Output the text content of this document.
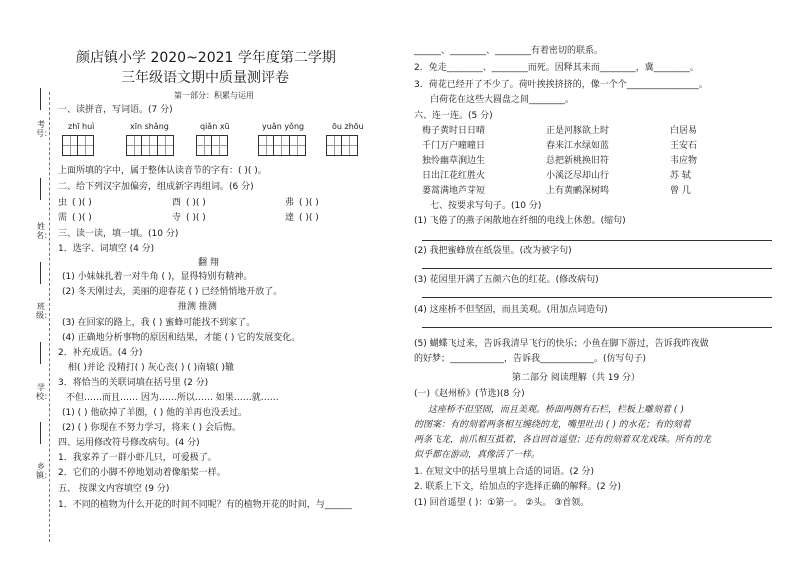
考号：
姓名：
班级：
学校：
乡镇：
颜店镇小学 2020~2021 学年度第二学期
三年级语文期中质量测评卷
第一部分：积累与运用
一、读拼音，写词语。(7 分)
zhī huì	xīn shǎng	qiǎn xū	yuǎn yǒng	ōu zhōu
上面所填的字中，属于整体认读音节的字有：( )( )。
二、给下列汉字加偏旁，组成新字再组词。(6 分)
虫 ( )( )	酉 ( )( )	弗 ( )( )
需 ( )( )	寺 ( )( )	達 ( )( )
三、读一读，填一填。(10 分)
1．选字、词填空 (4 分)
翻 翔
(1) 小妹妹扎着一对牛角 ( )，显得特别有精神。
(2) 冬天刚过去，美丽的迎春花 ( ) 已经悄悄地开放了。
推测 推测
(3) 在回家的路上，我 ( ) 蜜蜂可能找不到家了。
(4) 正确地分析事物的原因和结果，才能 ( ) 它的发展变化。
2．补充成语。(4 分)
相( )并论 没精打( ) 灰心丧( ) ( )南辕( )辙
3．将恰当的关联词填在括号里 (2 分)
不但……而且…… 因为……所以…… 如果……就……
(1) ( ) 他砍掉了羊圈，( ) 他的羊再也没丢过。
(2) ( ) 你现在不努力学习，将来 ( ) 会后悔。
四、运用修改符号修改病句。(4 分)
1．我家养了一群小虾几只，可爱极了。
2．它们的小脚不停地划动着像船桨一样。
五、 按课文内容填空 (9 分)
1．不同的植物为什么开花的时间不同呢？有的植物开花的时间，与______
______、________、________有着密切的联系。
2．免走________、________而死。因释其耒而________，冀________。
3．荷花已经开了不少了。荷叶挨挨挤挤的，像一个个________________。
白荷花在这些大圆盘之间________。
六、连一连。(5 分)
梅子黄时日日晴	正是河豚欲上时	白居易
千门万户曈曈日	春来江水绿如蓝	王安石
独怜幽草涧边生	总把新桃换旧符	韦应物
日出江花红胜火	小溪泛尽却山行	苏 轼
蒌蒿满地芦芽短	上有黄鹂深树鸣	曾 几
七、按要求写句子。(10 分)
(1) 飞倦了的燕子闲散地在纤细的电线上休憩。(缩句)
(2) 我把蜜蜂放在纸袋里。(改为被字句)
(3) 花园里开满了五颜六色的红花。(修改病句)
(4) 这座桥不但坚固，而且美观。(用加点词造句)
(5) 蝴蝶飞过来，告诉我清早飞行的快乐；小鱼在脚下游过，告诉我昨夜做
的好梦；____________，告诉我____________。(仿写句子)
第二部分 阅读理解（共 19 分）
(一)《赵州桥》(节选)(8 分)
这座桥不但坚固，而且美观。桥面两侧有石栏，栏板上雕刻着 ( )
的图案：有的刻着两条相互缠绕的龙，嘴里吐出 ( ) 的水花；有的刻着
两条飞龙，前爪相互抵着，各自回首遥望；还有的刻着双龙戏珠。所有的龙
似乎都在游动，真像活了一样。
1. 在短文中的括号里填上合适的词语。(2 分)
2. 联系上下文，给加点的字选择正确的解释。(2 分)
(1) 回首遥望 ( )：①第一。 ②头。 ③首领。
